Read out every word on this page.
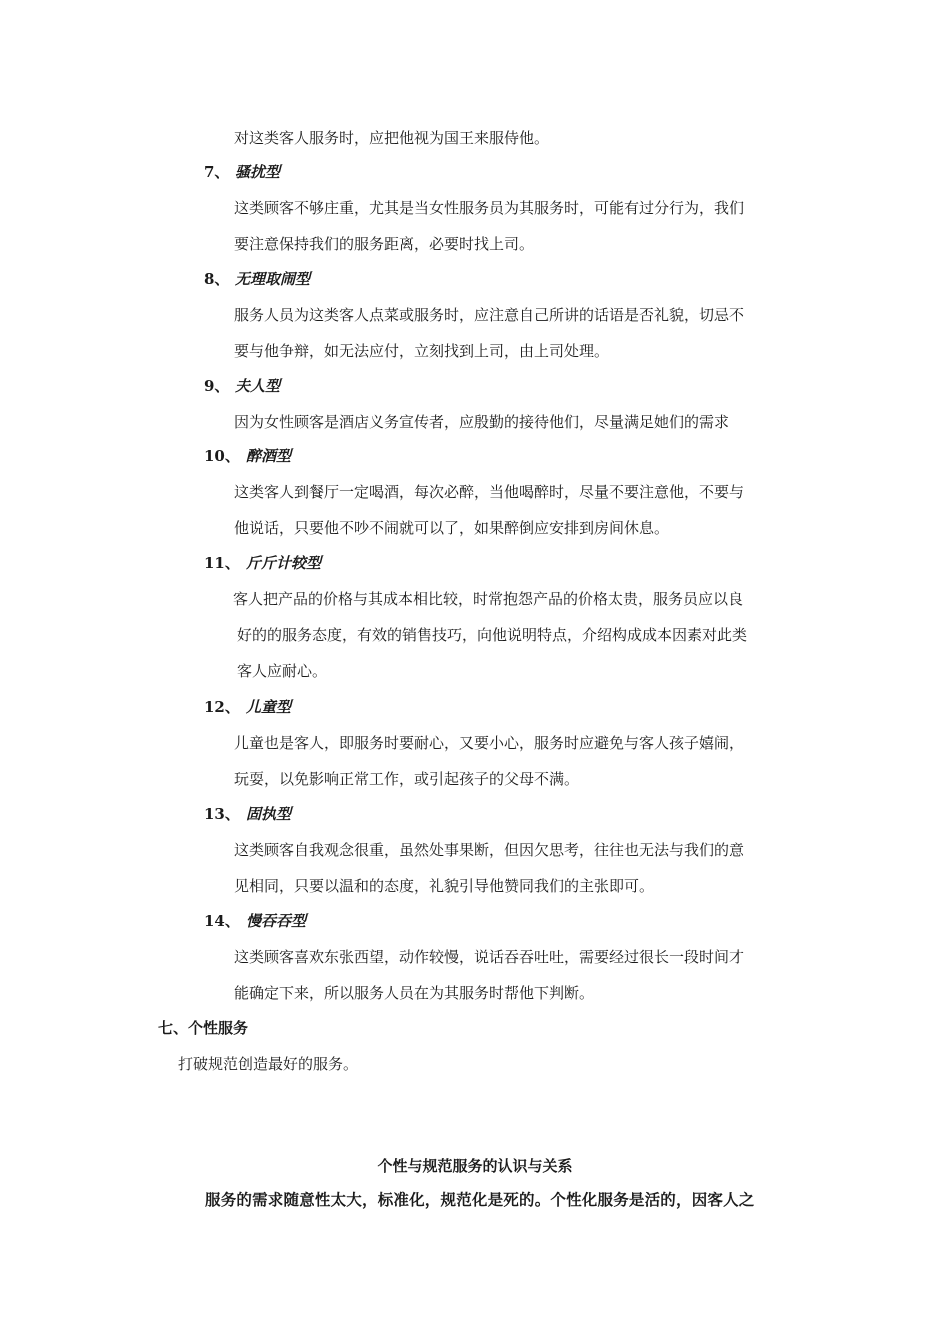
对这类客人服务时，应把他视为国王来服侍他。
7、 骚扰型
这类顾客不够庄重，尤其是当女性服务员为其服务时，可能有过分行为，我们
要注意保持我们的服务距离，必要时找上司。
8、 无理取闹型
服务人员为这类客人点菜或服务时，应注意自己所讲的话语是否礼貌，切忌不
要与他争辩，如无法应付，立刻找到上司，由上司处理。
9、 夫人型
因为女性顾客是酒店义务宣传者，应殷勤的接待他们，尽量满足她们的需求
10、 醉酒型
这类客人到餐厅一定喝酒，每次必醉，当他喝醉时，尽量不要注意他，不要与
他说话，只要他不吵不闹就可以了，如果醉倒应安排到房间休息。
11、 斤斤计较型
客人把产品的价格与其成本相比较，时常抱怨产品的价格太贵，服务员应以良
好的的服务态度，有效的销售技巧，向他说明特点，介绍构成成本因素对此类
客人应耐心。
12、 儿童型
儿童也是客人，即服务时要耐心，又要小心，服务时应避免与客人孩子嬉闹，
玩耍，以免影响正常工作，或引起孩子的父母不满。
13、 固执型
这类顾客自我观念很重，虽然处事果断，但因欠思考，往往也无法与我们的意
见相同，只要以温和的态度，礼貌引导他赞同我们的主张即可。
14、 慢吞吞型
这类顾客喜欢东张西望，动作较慢，说话吞吞吐吐，需要经过很长一段时间才
能确定下来，所以服务人员在为其服务时帮他下判断。
七、个性服务
打破规范创造最好的服务。
个性与规范服务的认识与关系
服务的需求随意性太大，标准化，规范化是死的。个性化服务是活的，因客人之
